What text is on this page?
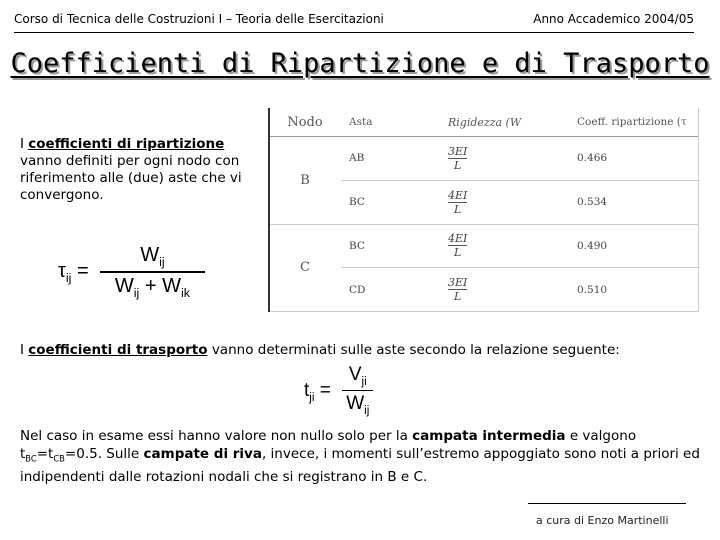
Corso di Tecnica delle Costruzioni I – Teoria delle Esercitazioni	Anno Accademico 2004/05
Coefficienti di Ripartizione e di Trasporto
I coefficienti di ripartizione vanno definiti per ogni nodo con riferimento alle (due) aste che vi convergono.
$\tau_{ij} = \frac{W_{ij}}{W_{ij} + W_{ik}}$
Nodo	Asta	Rigidezza (W	Coeff. ripartizione (τ
B	AB	$\frac{3EI}{L}$	0.466
	BC	$\frac{4EI}{L}$	0.534
C	BC	$\frac{4EI}{L}$	0.490
	CD	$\frac{3EI}{L}$	0.510
I coefficienti di trasporto vanno determinati sulle aste secondo la relazione seguente:
$t_{ji} = \frac{V_{ji}}{W_{ij}}$
Nel caso in esame essi hanno valore non nullo solo per la campata intermedia e valgono $t_{BC}=t_{CB}=0.5$. Sulle campate di riva, invece, i momenti sull’estremo appoggiato sono noti a priori ed indipendenti dalle rotazioni nodali che si registrano in B e C.
a cura di Enzo Martinelli
